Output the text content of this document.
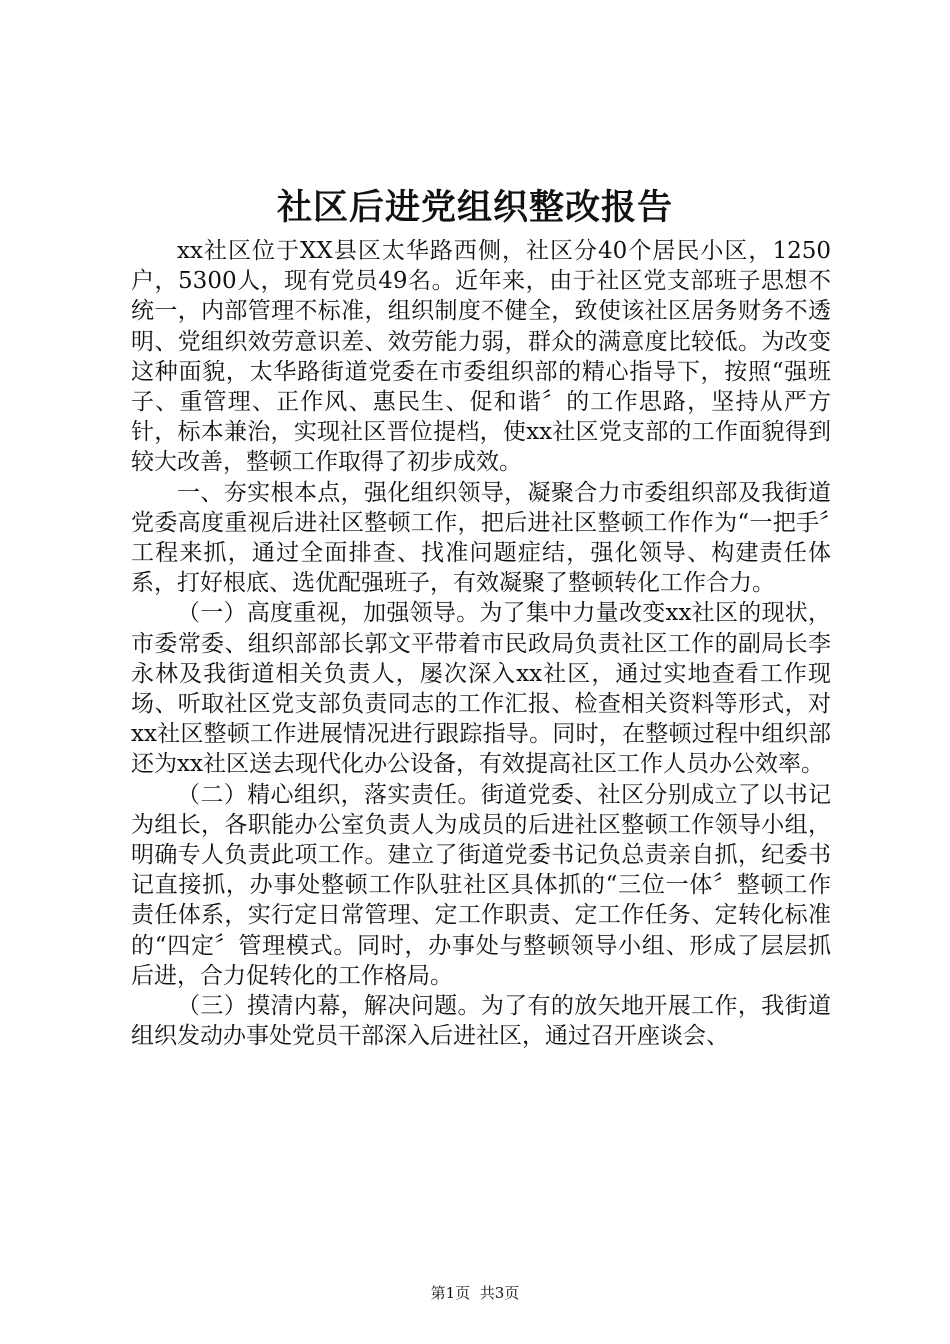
社区后进党组织整改报告

xx社区位于XX县区太华路西侧，社区分40个居民小区，1250户，5300人，现有党员49名。近年来，由于社区党支部班子思想不统一，内部管理不标准，组织制度不健全，致使该社区居务财务不透明、党组织效劳意识差、效劳能力弱，群众的满意度比较低。为改变这种面貌，太华路街道党委在市委组织部的精心指导下，按照“强班子、重管理、正作风、惠民生、促和谐〞的工作思路，坚持从严方针，标本兼治，实现社区晋位提档，使xx社区党支部的工作面貌得到较大改善，整顿工作取得了初步成效。

一、夯实根本点，强化组织领导，凝聚合力市委组织部及我街道党委高度重视后进社区整顿工作，把后进社区整顿工作作为“一把手〞工程来抓，通过全面排查、找准问题症结，强化领导、构建责任体系，打好根底、选优配强班子，有效凝聚了整顿转化工作合力。

（一）高度重视，加强领导。为了集中力量改变xx社区的现状，市委常委、组织部部长郭文平带着市民政局负责社区工作的副局长李永林及我街道相关负责人，屡次深入xx社区，通过实地查看工作现场、听取社区党支部负责同志的工作汇报、检查相关资料等形式，对xx社区整顿工作进展情况进行跟踪指导。同时，在整顿过程中组织部还为xx社区送去现代化办公设备，有效提高社区工作人员办公效率。

（二）精心组织，落实责任。街道党委、社区分别成立了以书记为组长，各职能办公室负责人为成员的后进社区整顿工作领导小组，明确专人负责此项工作。建立了街道党委书记负总责亲自抓，纪委书记直接抓，办事处整顿工作队驻社区具体抓的“三位一体〞整顿工作责任体系，实行定日常管理、定工作职责、定工作任务、定转化标准的“四定〞管理模式。同时，办事处与整顿领导小组、形成了层层抓后进，合力促转化的工作格局。

（三）摸清内幕，解决问题。为了有的放矢地开展工作，我街道组织发动办事处党员干部深入后进社区，通过召开座谈会、

第1页 共3页
